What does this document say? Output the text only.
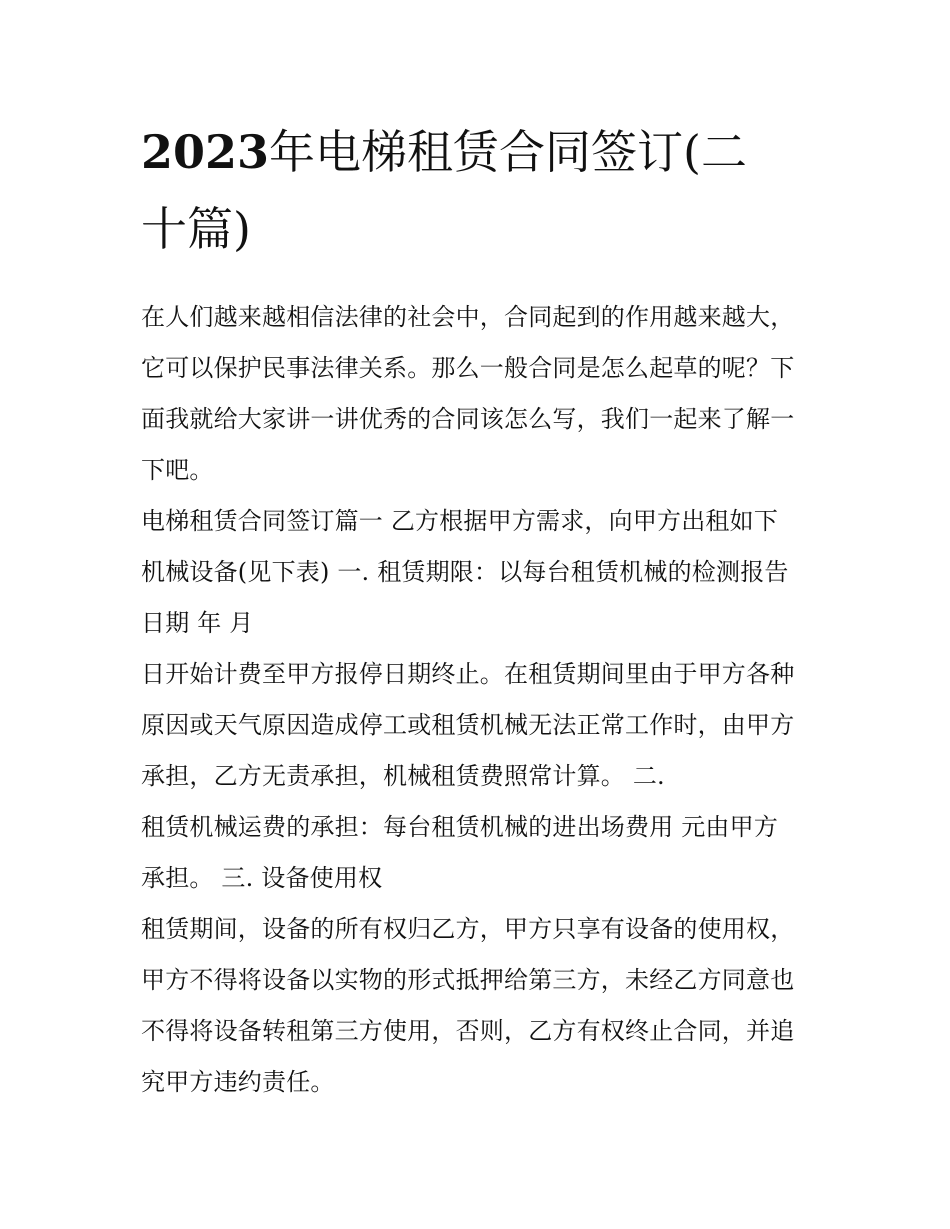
2023年电梯租赁合同签订(二
十篇)
在人们越来越相信法律的社会中，合同起到的作用越来越大，
它可以保护民事法律关系。那么一般合同是怎么起草的呢？下
面我就给大家讲一讲优秀的合同该怎么写，我们一起来了解一
下吧。
电梯租赁合同签订篇一 乙方根据甲方需求，向甲方出租如下
机械设备(见下表) 一. 租赁期限：以每台租赁机械的检测报告
日期 年 月
日开始计费至甲方报停日期终止。在租赁期间里由于甲方各种
原因或天气原因造成停工或租赁机械无法正常工作时，由甲方
承担，乙方无责承担，机械租赁费照常计算。 二.
租赁机械运费的承担：每台租赁机械的进出场费用 元由甲方
承担。 三. 设备使用权
租赁期间，设备的所有权归乙方，甲方只享有设备的使用权，
甲方不得将设备以实物的形式抵押给第三方，未经乙方同意也
不得将设备转租第三方使用，否则，乙方有权终止合同，并追
究甲方违约责任。
